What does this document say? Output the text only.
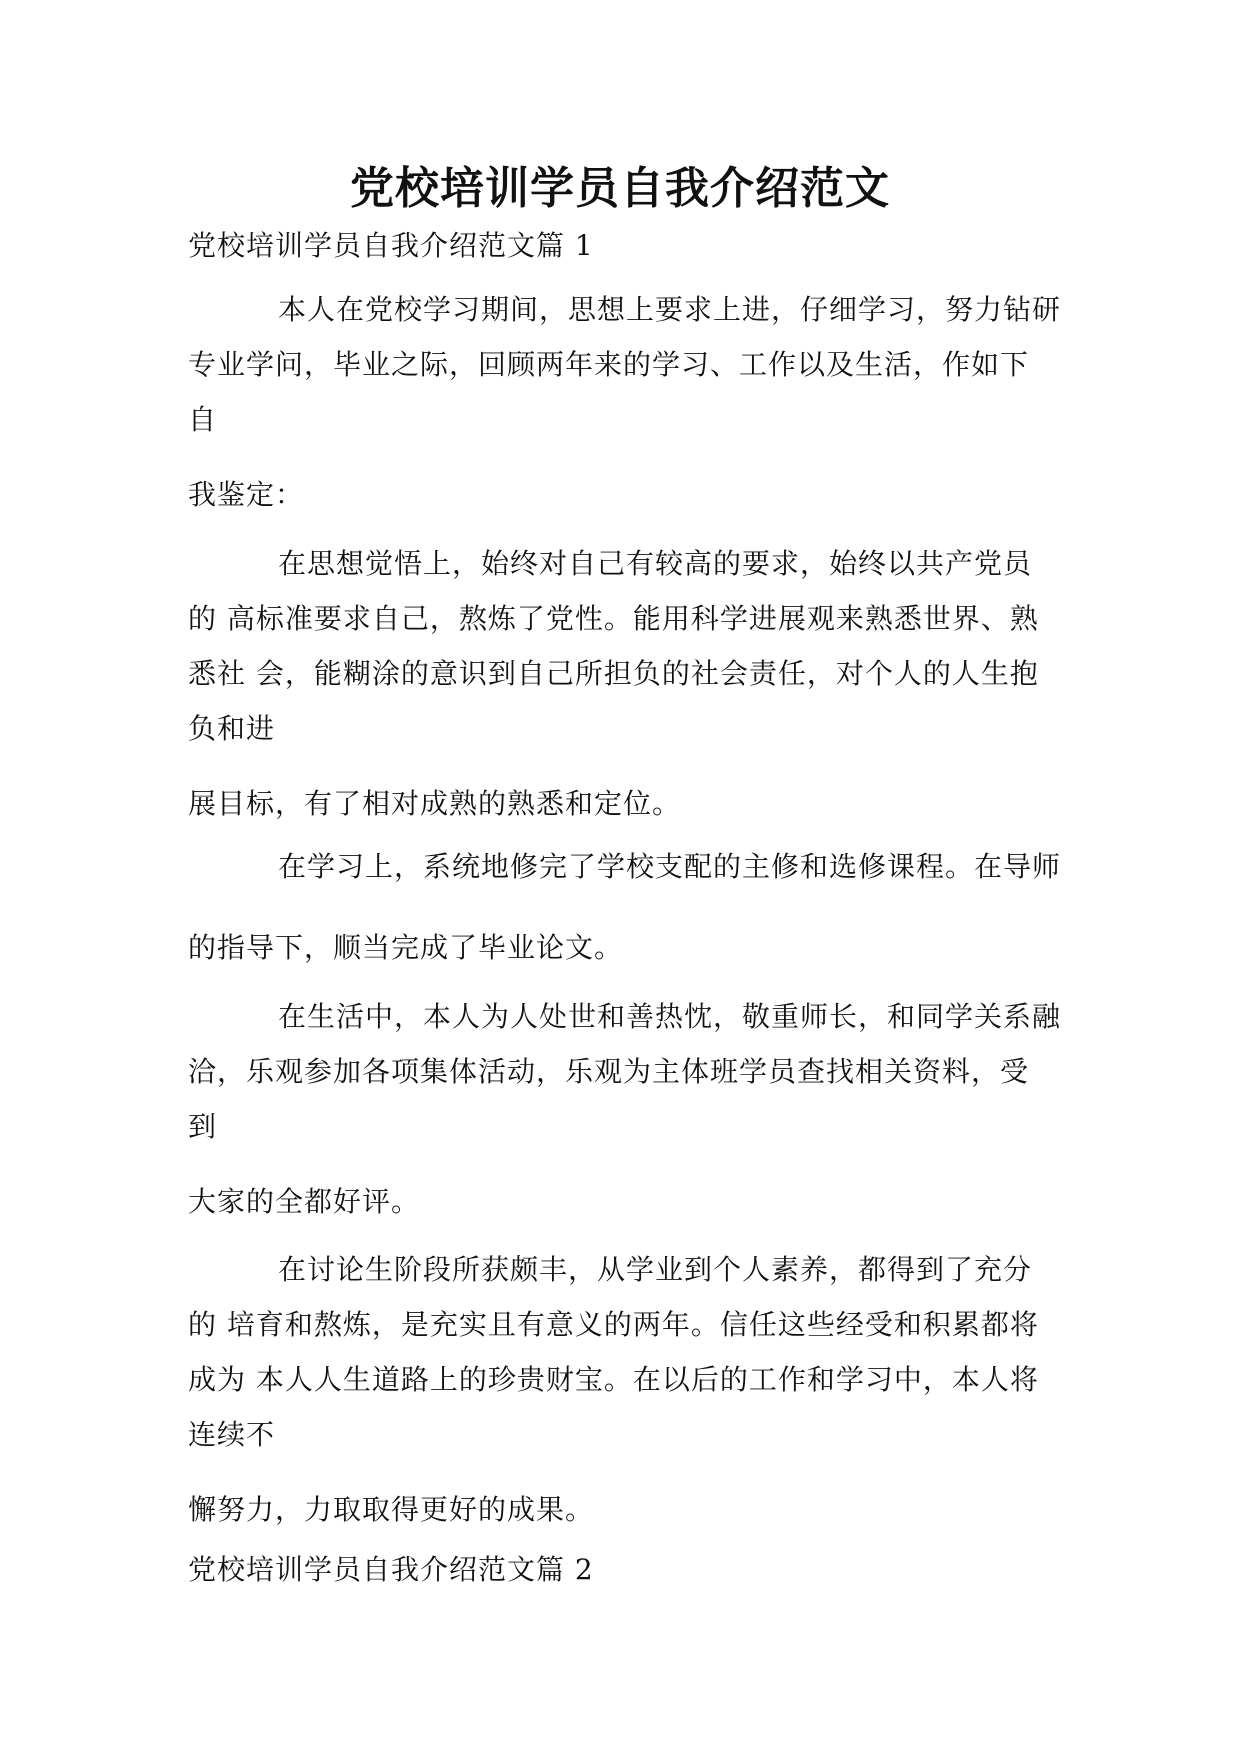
党校培训学员自我介绍范文
党校培训学员自我介绍范文篇 1
本人在党校学习期间，思想上要求上进，仔细学习，努力钻研
专业学问，毕业之际，回顾两年来的学习、工作以及生活，作如下
自
我鉴定：
在思想觉悟上，始终对自己有较高的要求，始终以共产党员
的 高标准要求自己，熬炼了党性。能用科学进展观来熟悉世界、熟
悉社 会，能糊涂的意识到自己所担负的社会责任，对个人的人生抱
负和进
展目标，有了相对成熟的熟悉和定位。
在学习上，系统地修完了学校支配的主修和选修课程。在导师
的指导下，顺当完成了毕业论文。
在生活中，本人为人处世和善热忱，敬重师长，和同学关系融
洽，乐观参加各项集体活动，乐观为主体班学员查找相关资料，受
到
大家的全都好评。
在讨论生阶段所获颇丰，从学业到个人素养，都得到了充分
的 培育和熬炼，是充实且有意义的两年。信任这些经受和积累都将
成为 本人人生道路上的珍贵财宝。在以后的工作和学习中，本人将
连续不
懈努力，力取取得更好的成果。
党校培训学员自我介绍范文篇 2
